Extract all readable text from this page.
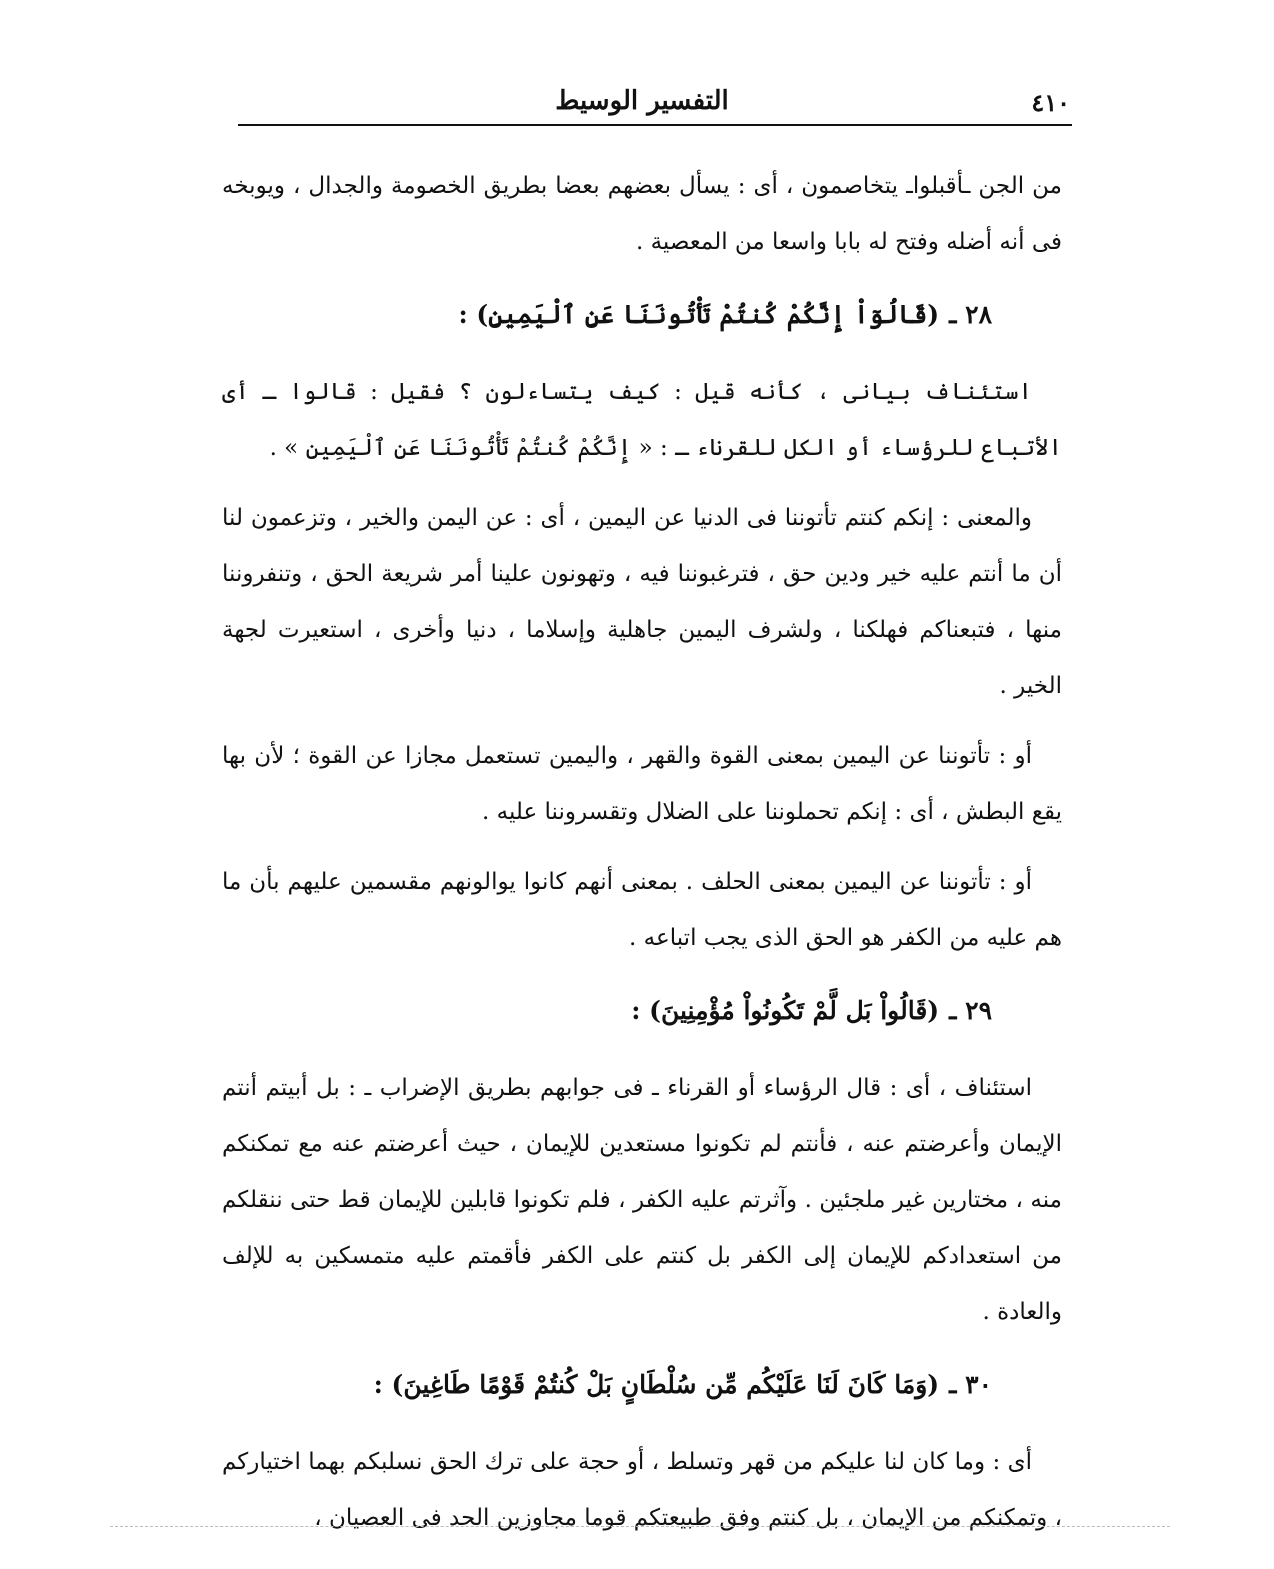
٤١٠
التفسير الوسيط

من الجن ـأقبلواـ يتخاصمون ، أى : يسأل بعضهم بعضا بطريق الخصومة والجدال ، ويوبخه فى أنه أضله وفتح له بابا واسعا من المعصية .

٢٨ ـ(قَالُوٓاْ إِنَّكُمْ كُنتُمْ تَأْتُونَنَا عَنِ ٱلْيَمِينِ) :

استئناف بيانى ، كأنه قيل : كيف يتساءلون ؟ فقيل : قالوا ـ أى الأتباع للرؤساء أو الكل للقرناء ـ : « إِنَّكُمْ كُنتُمْ تَأْتُونَنَا عَنِ ٱلْيَمِينِ » .

والمعنى : إنكم كنتم تأتوننا فى الدنيا عن اليمين ، أى : عن اليمن والخير ، وتزعمون لنا أن ما أنتم عليه خير ودين حق ، فترغبوننا فيه ، وتهونون علينا أمر شريعة الحق ، وتنفروننا منها ، فتبعناكم فهلكنا ، ولشرف اليمين جاهلية وإسلاما ، دنيا وأخرى ، استعيرت لجهة الخير .

أو : تأتوننا عن اليمين بمعنى القوة والقهر ، واليمين تستعمل مجازا عن القوة ؛ لأن بها يقع البطش ، أى : إنكم تحملوننا على الضلال وتقسروننا عليه .

أو : تأتوننا عن اليمين بمعنى الحلف . بمعنى أنهم كانوا يوالونهم مقسمين عليهم بأن ما هم عليه من الكفر هو الحق الذى يجب اتباعه .

٢٩ ـ(قَالُواْ بَل لَّمْ تَكُونُواْ مُؤْمِنِينَ) :

استئناف ، أى : قال الرؤساء أو القرناء ـ فى جوابهم بطريق الإضراب ـ : بل أبيتم أنتم الإيمان وأعرضتم عنه ، فأنتم لم تكونوا مستعدين للإيمان ، حيث أعرضتم عنه مع تمكنكم منه ، مختارين غير ملجئين . وآثرتم عليه الكفر ، فلم تكونوا قابلين للإيمان قط حتى ننقلكم من استعدادكم للإيمان إلى الكفر بل كنتم على الكفر فأقمتم عليه متمسكين به للإلف والعادة .

٣٠ ـ(وَمَا كَانَ لَنَا عَلَيْكُم مِّن سُلْطَانٍ بَلْ كُنتُمْ قَوْمًا طَاغِينَ) :

أى : وما كان لنا عليكم من قهر وتسلط ، أو حجة على ترك الحق نسلبكم بهما اختياركم ، وتمكنكم من الإيمان ، بل كنتم وفق طبيعتكم قوما مجاوزين الحد فى العصيان ،
